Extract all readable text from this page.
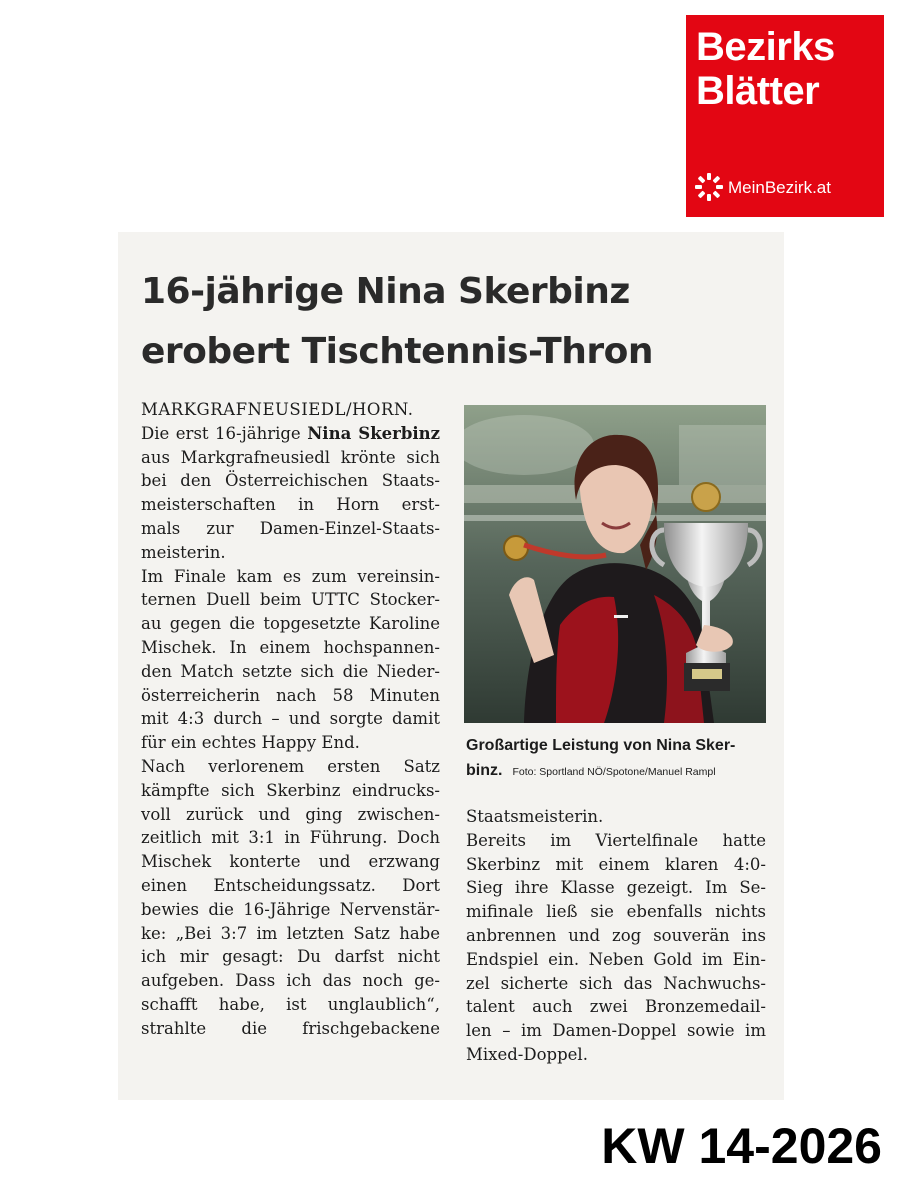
Bezirks
Blätter
MeinBezirk.at
16-jährige Nina Skerbinz
erobert Tischtennis-Thron

MARKGRAFNEUSIEDL/HORN.

Die erst 16-jährige Nina Skerbinz

aus Markgrafneusiedl krönte sich

bei den Österreichischen Staats-

meisterschaften in Horn erst-

mals zur Damen-Einzel-Staats-

meisterin.

Im Finale kam es zum vereinsin-

ternen Duell beim UTTC Stocker-

au gegen die topgesetzte Karoline

Mischek. In einem hochspannen-

den Match setzte sich die Nieder-

österreicherin nach 58 Minuten

mit 4:3 durch – und sorgte damit

für ein echtes Happy End.

Nach verlorenem ersten Satz

kämpfte sich Skerbinz eindrucks-

voll zurück und ging zwischen-

zeitlich mit 3:1 in Führung. Doch

Mischek konterte und erzwang

einen Entscheidungssatz. Dort

bewies die 16-Jährige Nervenstär-

ke: „Bei 3:7 im letzten Satz habe

ich mir gesagt: Du darfst nicht

aufgeben. Dass ich das noch ge-

schafft habe, ist unglaublich“,

strahlte die frischgebackene

Großartige Leistung von Nina Sker-
binz. Foto: Sportland NÖ/Spotone/Manuel Rampl

Staatsmeisterin.

Bereits im Viertelfinale hatte

Skerbinz mit einem klaren 4:0-

Sieg ihre Klasse gezeigt. Im Se-

mifinale ließ sie ebenfalls nichts

anbrennen und zog souverän ins

Endspiel ein. Neben Gold im Ein-

zel sicherte sich das Nachwuchs-

talent auch zwei Bronzemedail-

len – im Damen-Doppel sowie im

Mixed-Doppel.

KW 14-2026
